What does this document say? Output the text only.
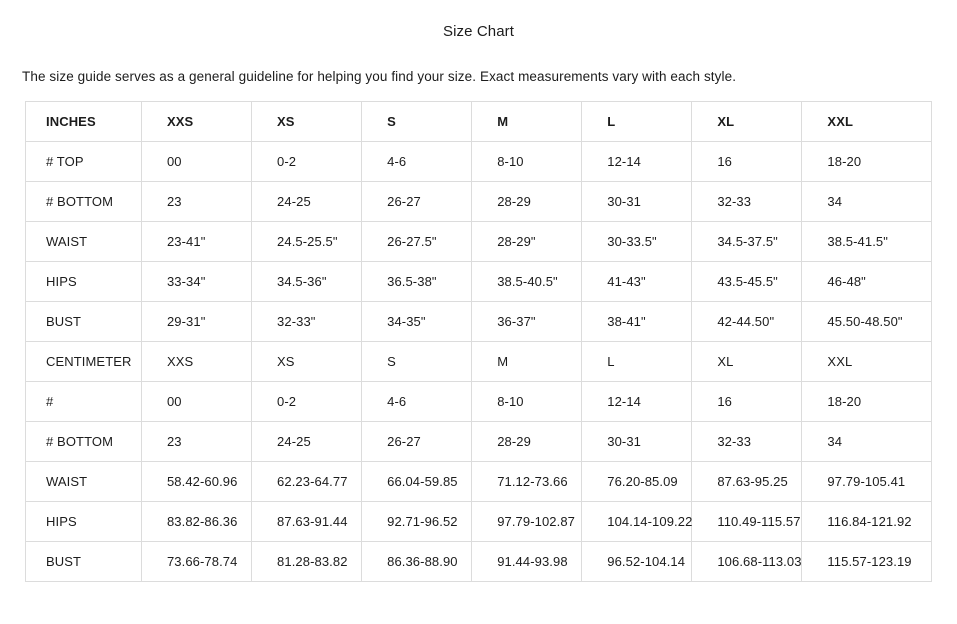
Size Chart

The size guide serves as a general guideline for helping you find your size. Exact measurements vary with each style.

INCHES	XXS	XS	S	M	L	XL	XXL
# TOP	00	0-2	4-6	8-10	12-14	16	18-20
# BOTTOM	23	24-25	26-27	28-29	30-31	32-33	34
WAIST	23-41"	24.5-25.5"	26-27.5"	28-29"	30-33.5"	34.5-37.5"	38.5-41.5"
HIPS	33-34"	34.5-36"	36.5-38"	38.5-40.5"	41-43"	43.5-45.5"	46-48"
BUST	29-31"	32-33"	34-35"	36-37"	38-41"	42-44.50"	45.50-48.50"
CENTIMETER	XXS	XS	S	M	L	XL	XXL
#	00	0-2	4-6	8-10	12-14	16	18-20
# BOTTOM	23	24-25	26-27	28-29	30-31	32-33	34
WAIST	58.42-60.96	62.23-64.77	66.04-59.85	71.12-73.66	76.20-85.09	87.63-95.25	97.79-105.41
HIPS	83.82-86.36	87.63-91.44	92.71-96.52	97.79-102.87	104.14-109.22	110.49-115.57	116.84-121.92
BUST	73.66-78.74	81.28-83.82	86.36-88.90	91.44-93.98	96.52-104.14	106.68-113.03	115.57-123.19
